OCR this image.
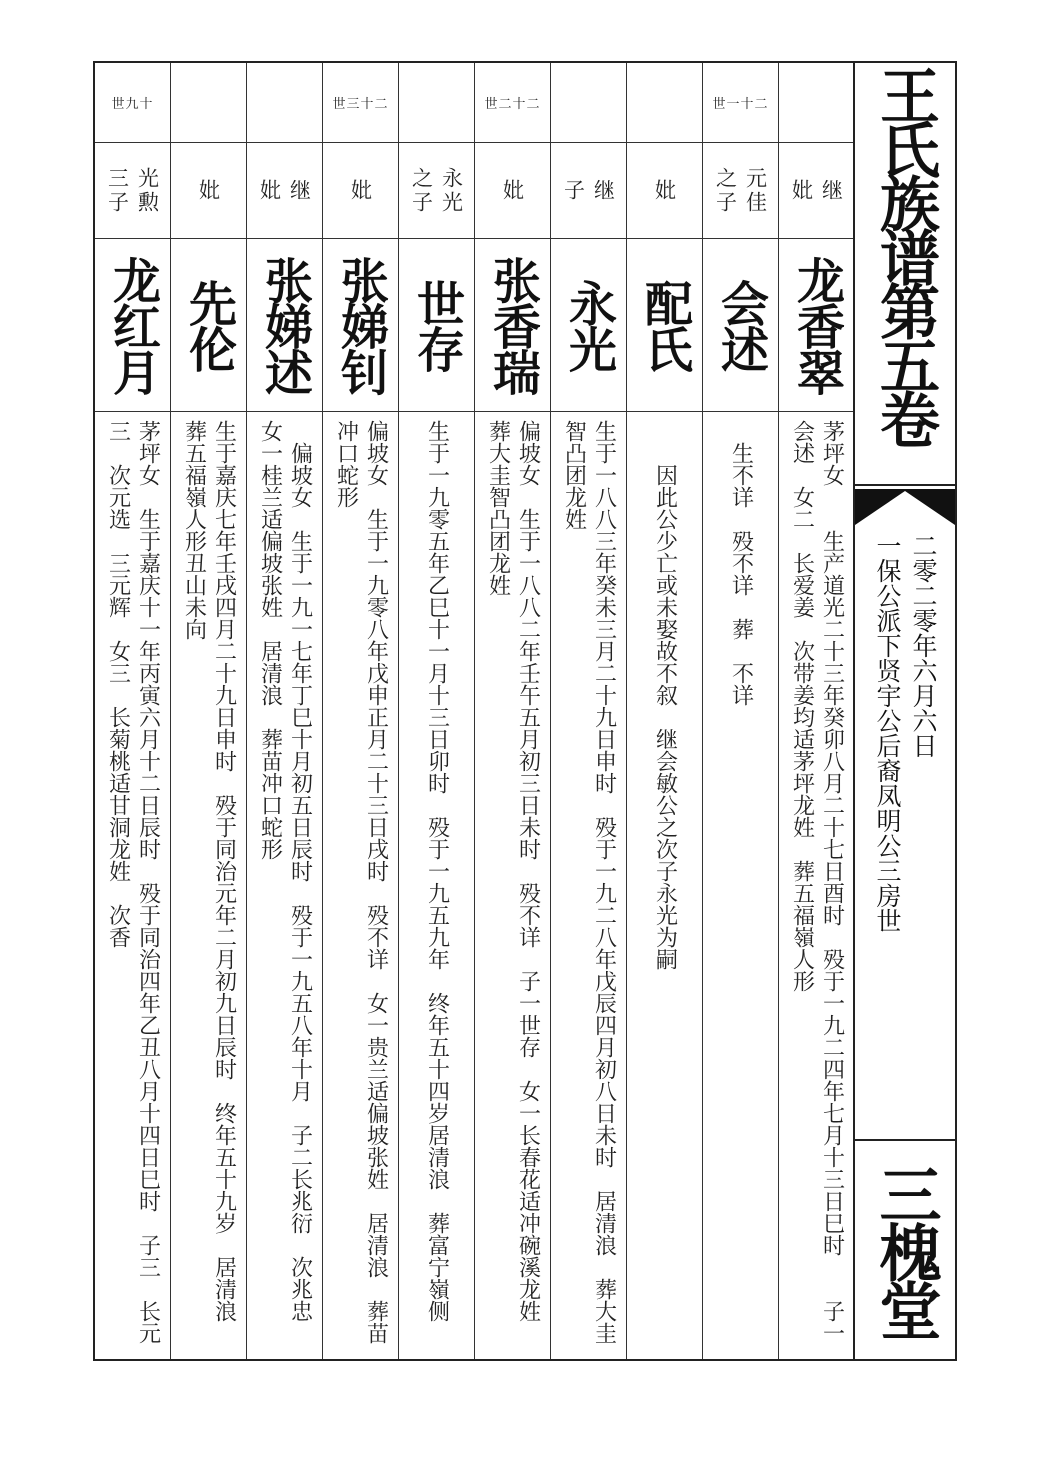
继
妣
龙香翠
茅坪女　　生产道光二十三年癸卯八月二十七日酉时　殁于一九二四年七月十三日巳时　　子一会述　女二　长爱姜　次带姜均适茅坪龙姓　葬五福嶺人形
二十一世
元佳
之子
会述
　生不详　殁不详　葬　不详
妣
配氏
　　因此公少亡或未娶故不叙　继会敏公之次子永光为嗣
继
子
永光
生于一八八三年癸未三月二十九日申时　殁于一九二八年戊辰四月初八日未时　居清浪　葬大圭智凸团龙姓
二十二世
妣
张香瑞
偏坡女　生于一八八二年壬午五月初三日未时　殁不详　子一世存　女一长春花适冲碗溪龙姓　葬大圭智凸团龙姓
永光
之子
世存
生于一九零五年乙巳十一月十三日卯时　殁于一九五九年　终年五十四岁居清浪　葬富宁嶺侧
二十三世
妣
张娣钊
偏坡女　生于一九零八年戊申正月二十三日戌时　殁不详　女一贵兰适偏坡张姓　居清浪　葬苗冲口蛇形
继
妣
张娣述
　偏坡女　生于一九一七年丁巳十月初五日辰时　殁于一九五八年十月　子二长兆衍　次兆忠　女一桂兰适偏坡张姓　居清浪　葬苗冲口蛇形
妣
先伦
生于嘉庆七年壬戌四月二十九日申时　殁于同治元年二月初九日辰时　终年五十九岁　居清浪　葬五福嶺人形丑山未向
十九世
光勲
三子
龙红月
茅坪女　生于嘉庆十一年丙寅六月十二日辰时　殁于同治四年乙丑八月十四日巳时　子三　长元三　次元选　三元辉　女三　长菊桃适甘洞龙姓　次香
王氏族谱第五卷
一保公派下贤宇公后裔凤明公三房世 二零二零年六月六日
三槐堂
